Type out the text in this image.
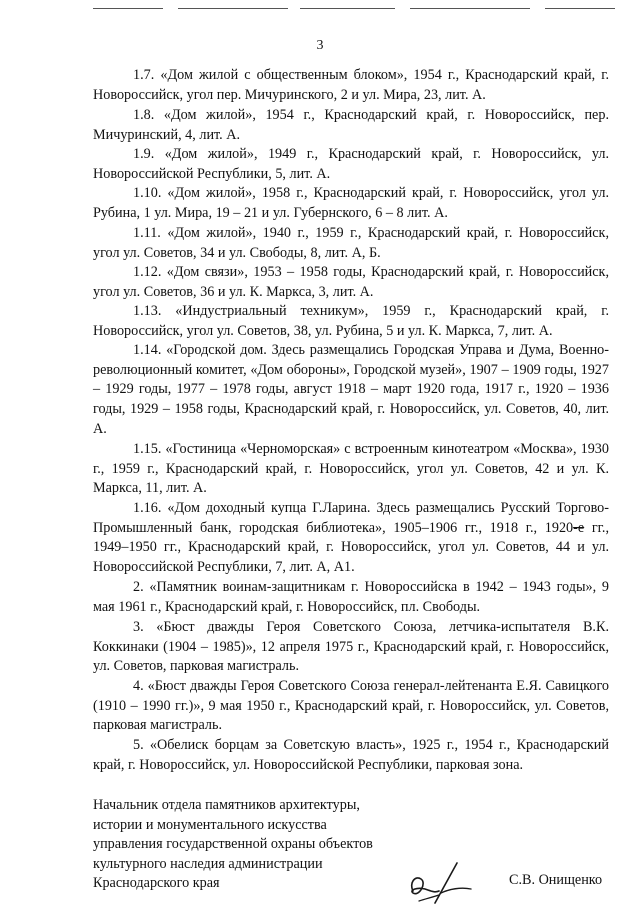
3

1.7. «Дом жилой с общественным блоком», 1954 г., Краснодарский край, г. Новороссийск, угол пер. Мичуринского, 2 и ул. Мира, 23, лит. А.

1.8. «Дом жилой», 1954 г., Краснодарский край, г. Новороссийск, пер. Мичуринский, 4, лит. А.

1.9. «Дом жилой», 1949 г., Краснодарский край, г. Новороссийск, ул. Новороссийской Республики, 5, лит. А.

1.10. «Дом жилой», 1958 г., Краснодарский край, г. Новороссийск, угол ул. Рубина, 1 ул. Мира, 19 – 21 и ул. Губернского, 6 – 8 лит. А.

1.11. «Дом жилой», 1940 г., 1959 г., Краснодарский край, г. Новороссийск, угол ул. Советов, 34 и ул. Свободы, 8, лит. А, Б.

1.12. «Дом связи», 1953 – 1958 годы, Краснодарский край, г. Новороссийск, угол ул. Советов, 36 и ул. К. Маркса, 3, лит. А.

1.13. «Индустриальный техникум», 1959 г., Краснодарский край, г. Новороссийск, угол ул. Советов, 38, ул. Рубина, 5 и ул. К. Маркса, 7, лит. А.

1.14. «Городской дом. Здесь размещались Городская Управа и Дума, Военно-революционный комитет, «Дом обороны», Городской музей», 1907 – 1909 годы, 1927 – 1929 годы, 1977 – 1978 годы, август 1918 – март 1920 года, 1917 г., 1920 – 1936 годы, 1929 – 1958 годы, Краснодарский край, г. Новороссийск, ул. Советов, 40, лит. А.

1.15. «Гостиница «Черноморская» с встроенным кинотеатром «Москва», 1930 г., 1959 г., Краснодарский край, г. Новороссийск, угол ул. Советов, 42 и ул. К. Маркса, 11, лит. А.

1.16. «Дом доходный купца Г.Ларина. Здесь размещались Русский Торгово-Промышленный банк, городская библиотека», 1905–1906 гг., 1918 г., 1920-е гг., 1949–1950 гг., Краснодарский край, г. Новороссийск, угол ул. Советов, 44 и ул. Новороссийской Республики, 7, лит. А, А1.

2. «Памятник воинам-защитникам г. Новороссийска в 1942 – 1943 годы», 9 мая 1961 г., Краснодарский край, г. Новороссийск, пл. Свободы.

3. «Бюст дважды Героя Советского Союза, летчика-испытателя В.К. Коккинаки (1904 – 1985)», 12 апреля 1975 г., Краснодарский край, г. Новороссийск, ул. Советов, парковая магистраль.

4. «Бюст дважды Героя Советского Союза генерал-лейтенанта Е.Я. Савицкого (1910 – 1990 гг.)», 9 мая 1950 г., Краснодарский край, г. Новороссийск, ул. Советов, парковая магистраль.

5. «Обелиск борцам за Советскую власть», 1925 г., 1954 г., Краснодарский край, г. Новороссийск, ул. Новороссийской Республики, парковая зона.

Начальник отдела памятников архитектуры,
истории и монументального искусства
управления государственной охраны объектов
культурного наследия администрации
Краснодарского края	С.В. Онищенко
